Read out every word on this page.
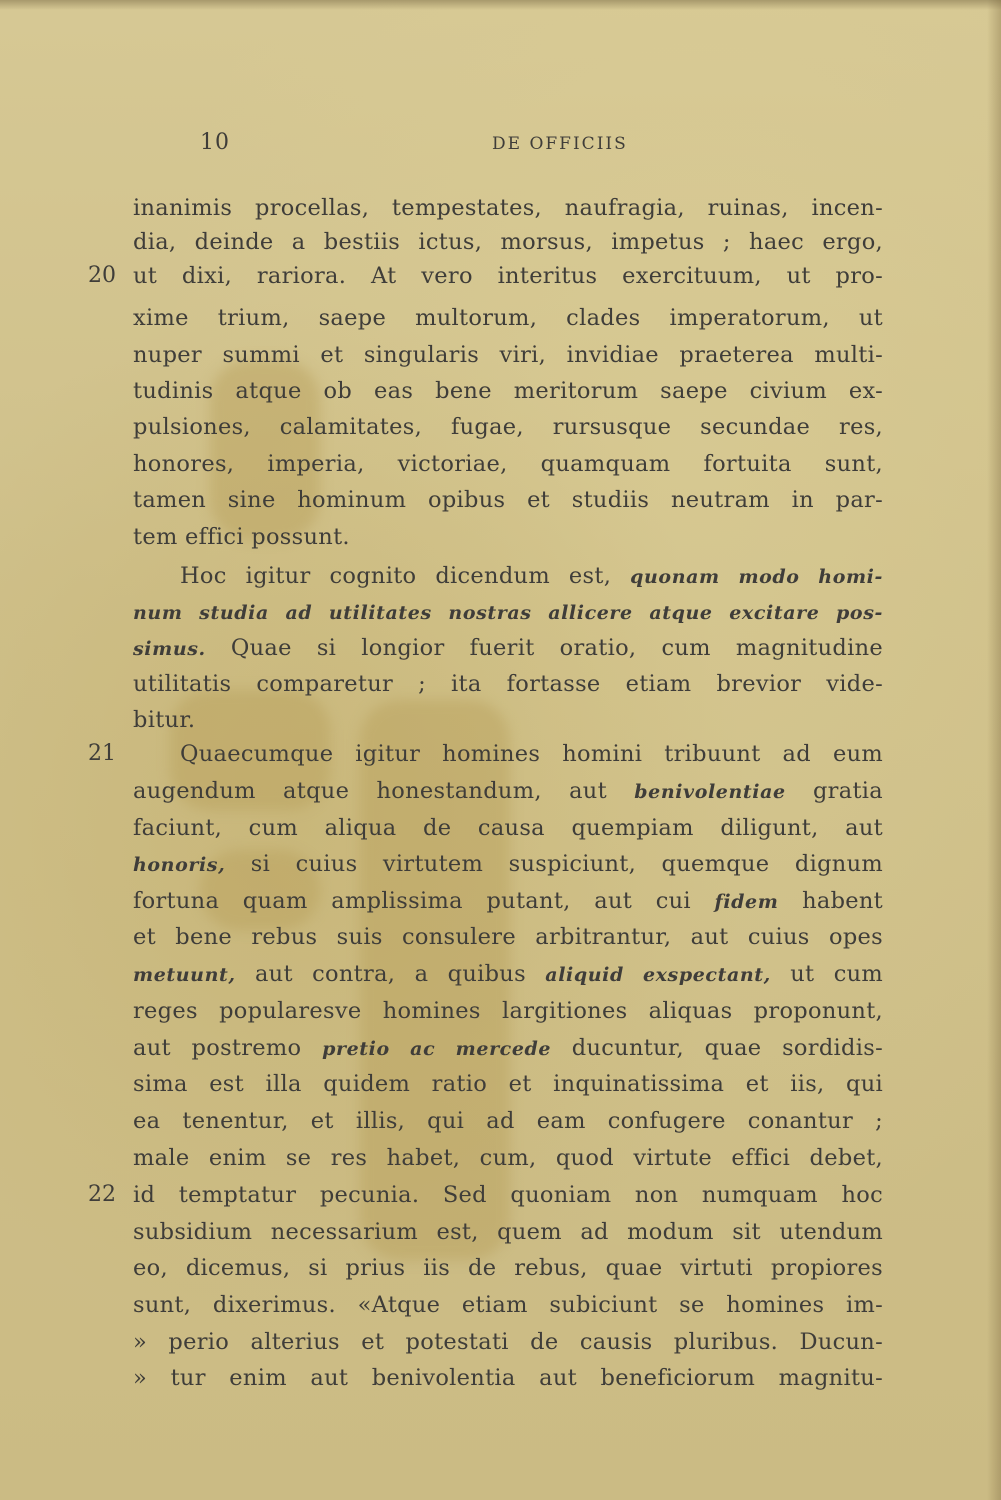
10	DE OFFICIIS
20
21
22
inanimis procellas, tempestates, naufragia, ruinas, incen-
dia, deinde a bestiis ictus, morsus, impetus ; haec ergo,
ut dixi, rariora. At vero interitus exercituum, ut pro-
xime trium, saepe multorum, clades imperatorum, ut
nuper summi et singularis viri, invidiae praeterea multi-
tudinis atque ob eas bene meritorum saepe civium ex-
pulsiones, calamitates, fugae, rursusque secundae res,
honores, imperia, victoriae, quamquam fortuita sunt,
tamen sine hominum opibus et studiis neutram in par-
tem effici possunt.
Hoc igitur cognito dicendum est, quonam modo homi-
num studia ad utilitates nostras allicere atque excitare pos-
simus. Quae si longior fuerit oratio, cum magnitudine
utilitatis comparetur ; ita fortasse etiam brevior vide-
bitur.
Quaecumque igitur homines homini tribuunt ad eum
augendum atque honestandum, aut benivolentiae gratia
faciunt, cum aliqua de causa quempiam diligunt, aut
honoris, si cuius virtutem suspiciunt, quemque dignum
fortuna quam amplissima putant, aut cui fidem habent
et bene rebus suis consulere arbitrantur, aut cuius opes
metuunt, aut contra, a quibus aliquid exspectant, ut cum
reges popularesve homines largitiones aliquas proponunt,
aut postremo pretio ac mercede ducuntur, quae sordidis-
sima est illa quidem ratio et inquinatissima et iis, qui
ea tenentur, et illis, qui ad eam confugere conantur ;
male enim se res habet, cum, quod virtute effici debet,
id temptatur pecunia. Sed quoniam non numquam hoc
subsidium necessarium est, quem ad modum sit utendum
eo, dicemus, si prius iis de rebus, quae virtuti propiores
sunt, dixerimus. «Atque etiam subiciunt se homines im-
» perio alterius et potestati de causis pluribus. Ducun-
» tur enim aut benivolentia aut beneficiorum magnitu-
